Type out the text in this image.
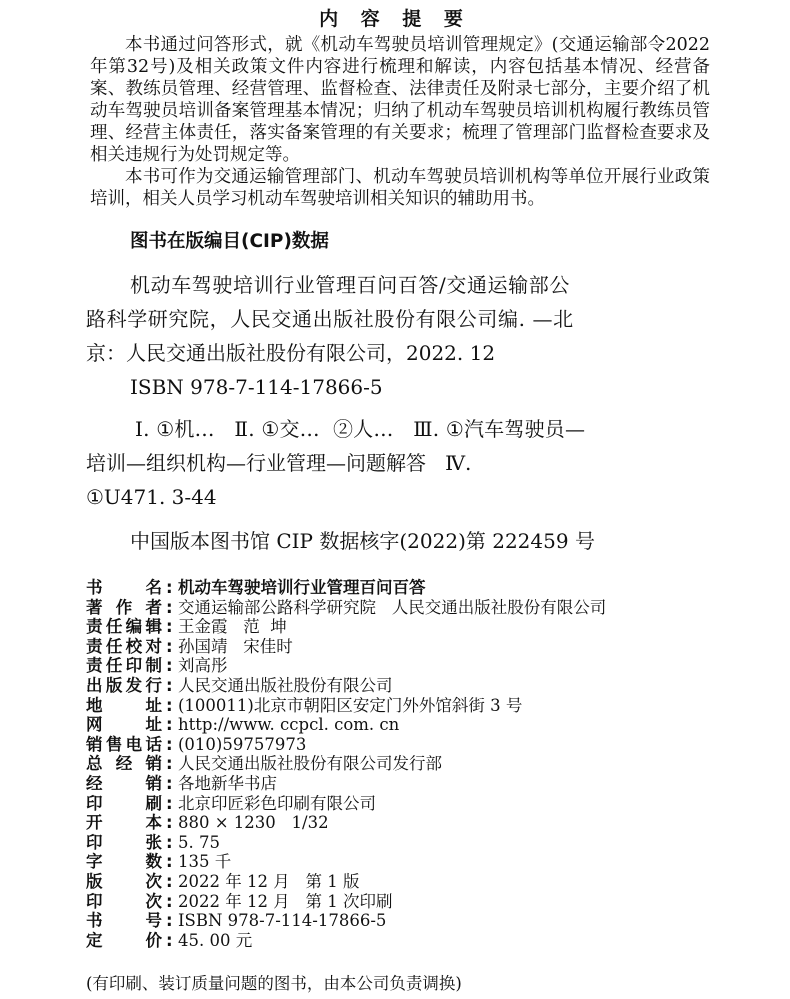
内 容 提 要

本书通过问答形式，就《机动车驾驶员培训管理规定》(交通运输部令2022年第32号)及相关政策文件内容进行梳理和解读，内容包括基本情况、经营备案、教练员管理、经营管理、监督检查、法律责任及附录七部分，主要介绍了机动车驾驶员培训备案管理基本情况；归纳了机动车驾驶员培训机构履行教练员管理、经营主体责任，落实备案管理的有关要求；梳理了管理部门监督检查要求及相关违规行为处罚规定等。

本书可作为交通运输管理部门、机动车驾驶员培训机构等单位开展行业政策培训，相关人员学习机动车驾驶培训相关知识的辅助用书。

图书在版编目(CIP)数据
机动车驾驶培训行业管理百问百答/交通运输部公
路科学研究院，人民交通出版社股份有限公司编. —北
京：人民交通出版社股份有限公司，2022. 12
ISBN 978-7-114-17866-5
Ⅰ. ①机…   Ⅱ. ①交…  ②人…   Ⅲ. ①汽车驾驶员—
培训—组织机构—行业管理—问题解答   Ⅳ.
①U471. 3-44
中国版本图书馆 CIP 数据核字(2022)第 222459 号
书名 : 机动车驾驶培训行业管理百问百答
著作者 : 交通运输部公路科学研究院   人民交通出版社股份有限公司
责任编辑 : 王金霞   范  坤
责任校对 : 孙国靖   宋佳时
责任印制 : 刘高彤
出版发行 : 人民交通出版社股份有限公司
地址 : (100011)北京市朝阳区安定门外外馆斜街 3 号
网址 : http://www. ccpcl. com. cn
销售电话 : (010)59757973
总经销 : 人民交通出版社股份有限公司发行部
经销 : 各地新华书店
印刷 : 北京印匠彩色印刷有限公司
开本 : 880 × 1230   1/32
印张 : 5. 75
字数 : 135 千
版次 : 2022 年 12 月   第 1 版
印次 : 2022 年 12 月   第 1 次印刷
书号 : ISBN 978-7-114-17866-5
定价 : 45. 00 元
(有印刷、装订质量问题的图书，由本公司负责调换)
